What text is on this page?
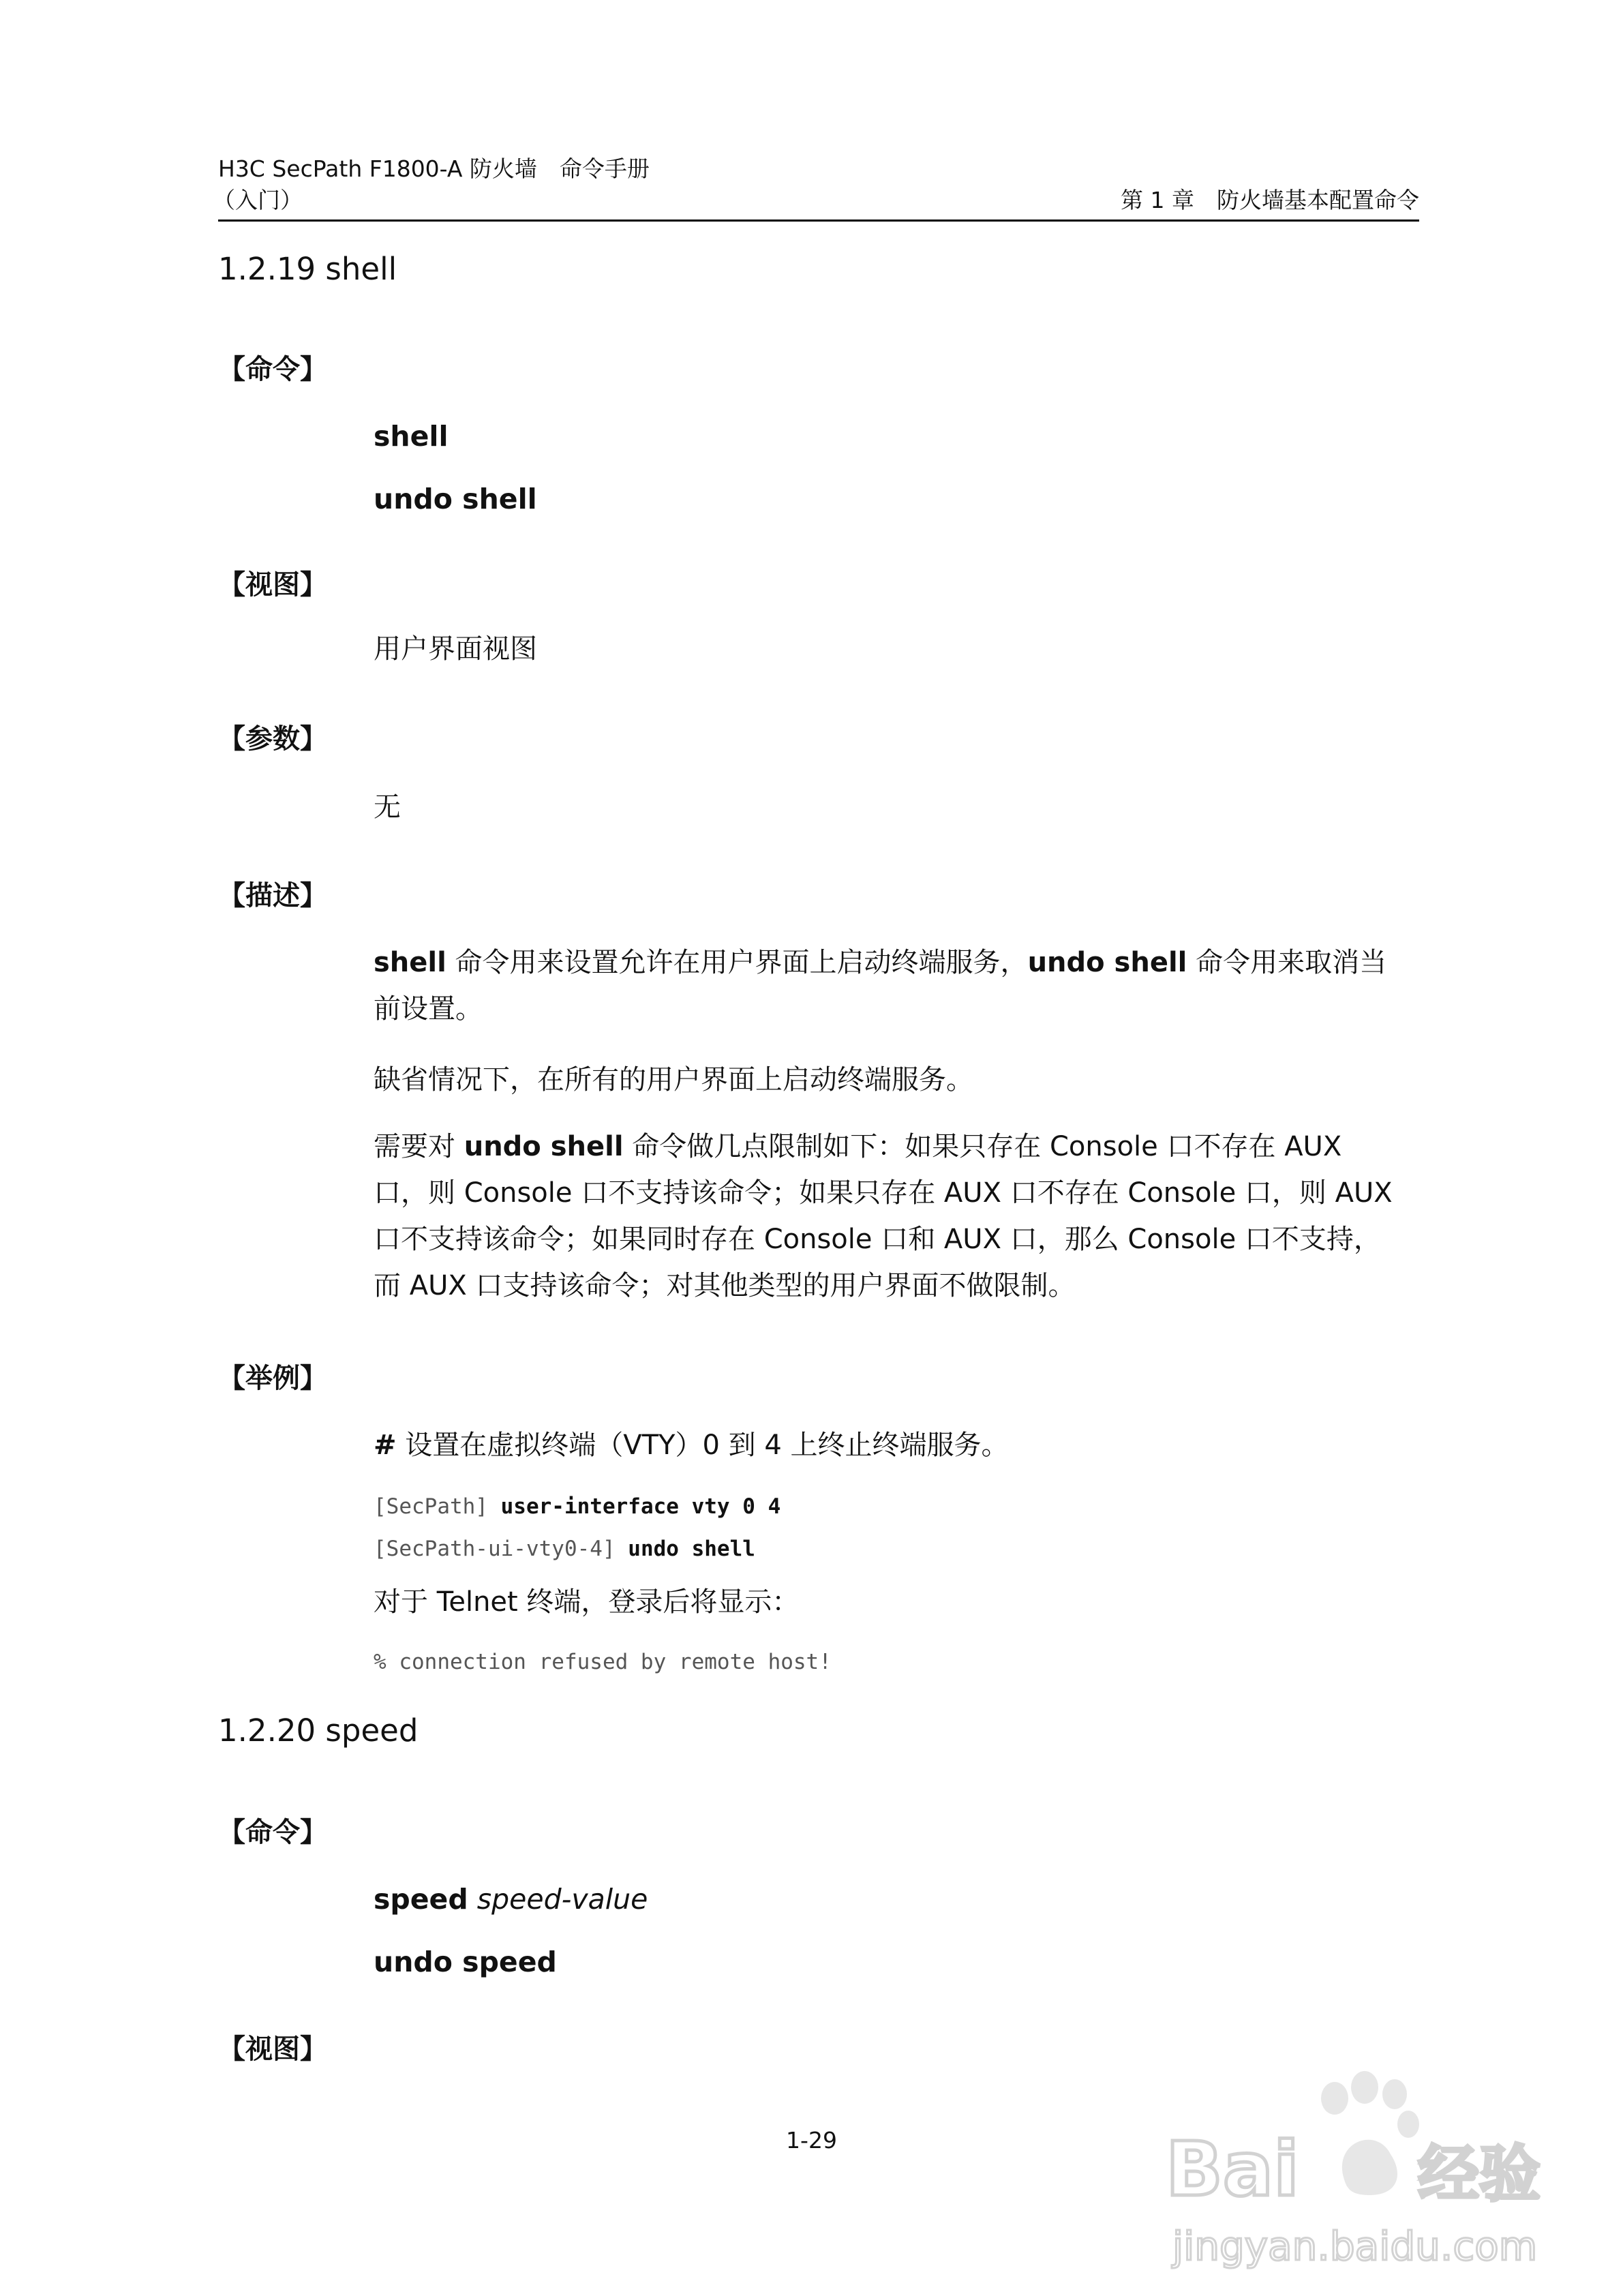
H3C SecPath F1800-A 防火墙　命令手册
（入门）	第 1 章　防火墙基本配置命令
1.2.19 shell
【命令】
shell
undo shell
【视图】
用户界面视图
【参数】
无
【描述】
shell 命令用来设置允许在用户界面上启动终端服务，undo shell 命令用来取消当前设置。
缺省情况下，在所有的用户界面上启动终端服务。
需要对 undo shell 命令做几点限制如下：如果只存在 Console 口不存在 AUX 口，则 Console 口不支持该命令；如果只存在 AUX 口不存在 Console 口，则 AUX 口不支持该命令；如果同时存在 Console 口和 AUX 口，那么 Console 口不支持，而 AUX 口支持该命令；对其他类型的用户界面不做限制。
【举例】
# 设置在虚拟终端（VTY）0 到 4 上终止终端服务。
[SecPath] user-interface vty 0 4
[SecPath-ui-vty0-4] undo shell
对于 Telnet 终端，登录后将显示：
% connection refused by remote host!
1.2.20 speed
【命令】
speed speed-value
undo speed
【视图】
1-29	Bai 经验
jingyan.baidu.com
